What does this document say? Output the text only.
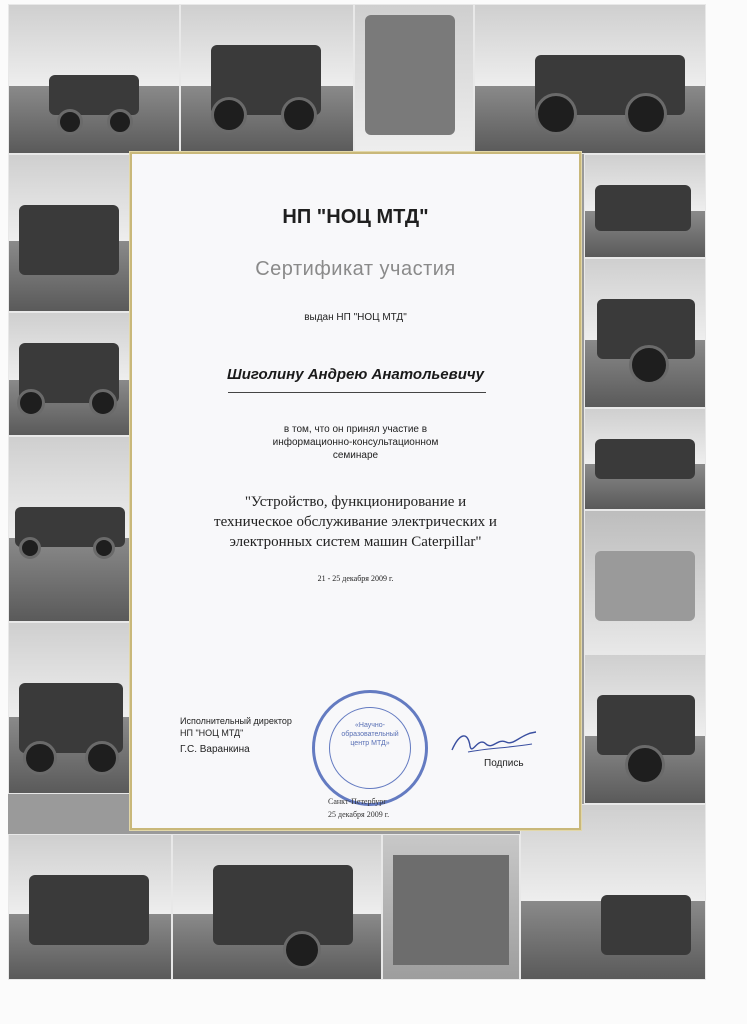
НП "НОЦ МТД"
Сертификат участия
выдан НП "НОЦ МТД"
Шиголину Андрею Анатольевичу
в том, что он принял участие в
информационно-консультационном
семинаре
"Устройство, функционирование и
техническое обслуживание электрических и
электронных систем машин Caterpillar"
21 - 25 декабря 2009 г.
Исполнительный директор
НП "НОЦ МТД"
Г.С. Варанкина
«Научно-образовательный центр МТД»
Подпись
Санкт-Петербург
25 декабря 2009 г.
